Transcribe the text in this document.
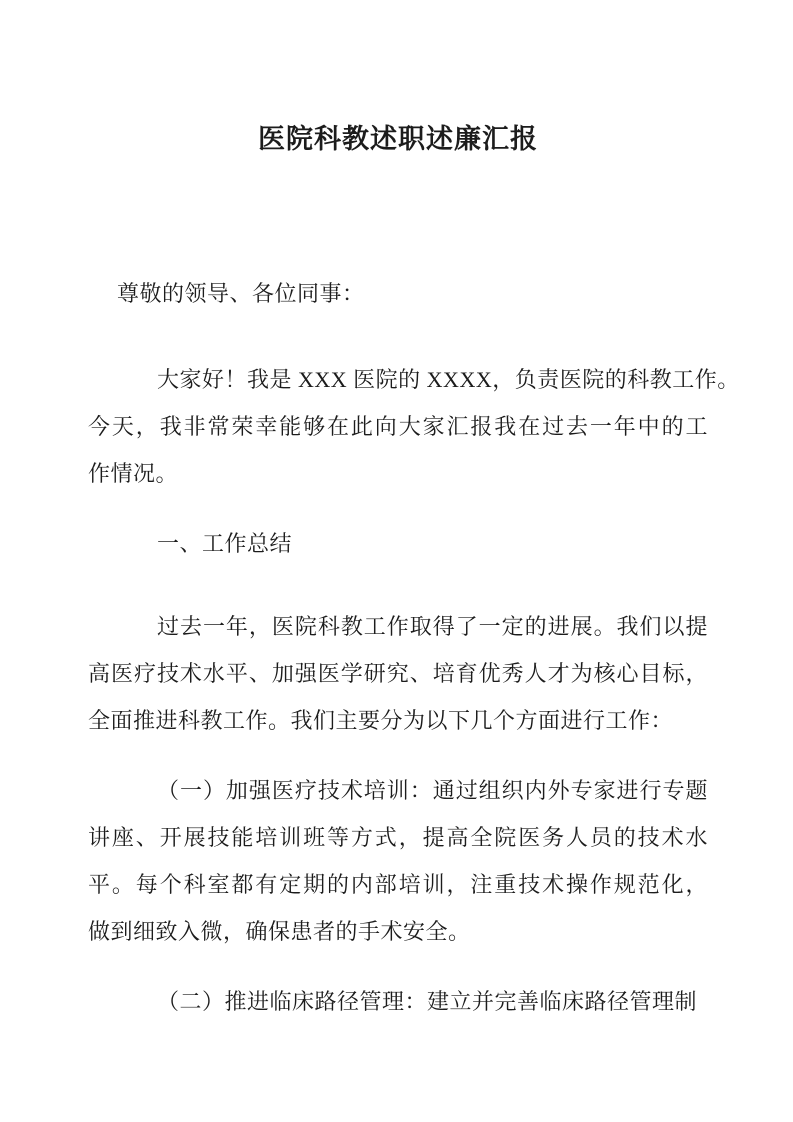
医院科教述职述廉汇报
尊敬的领导、各位同事：
大家好！我是 XXX 医院的 XXXX，负责医院的科教工作。
今天，我非常荣幸能够在此向大家汇报我在过去一年中的工
作情况。
一、工作总结
过去一年，医院科教工作取得了一定的进展。我们以提
高医疗技术水平、加强医学研究、培育优秀人才为核心目标，
全面推进科教工作。我们主要分为以下几个方面进行工作：
（一）加强医疗技术培训：通过组织内外专家进行专题
讲座、开展技能培训班等方式，提高全院医务人员的技术水
平。每个科室都有定期的内部培训，注重技术操作规范化，
做到细致入微，确保患者的手术安全。
（二）推进临床路径管理：建立并完善临床路径管理制
